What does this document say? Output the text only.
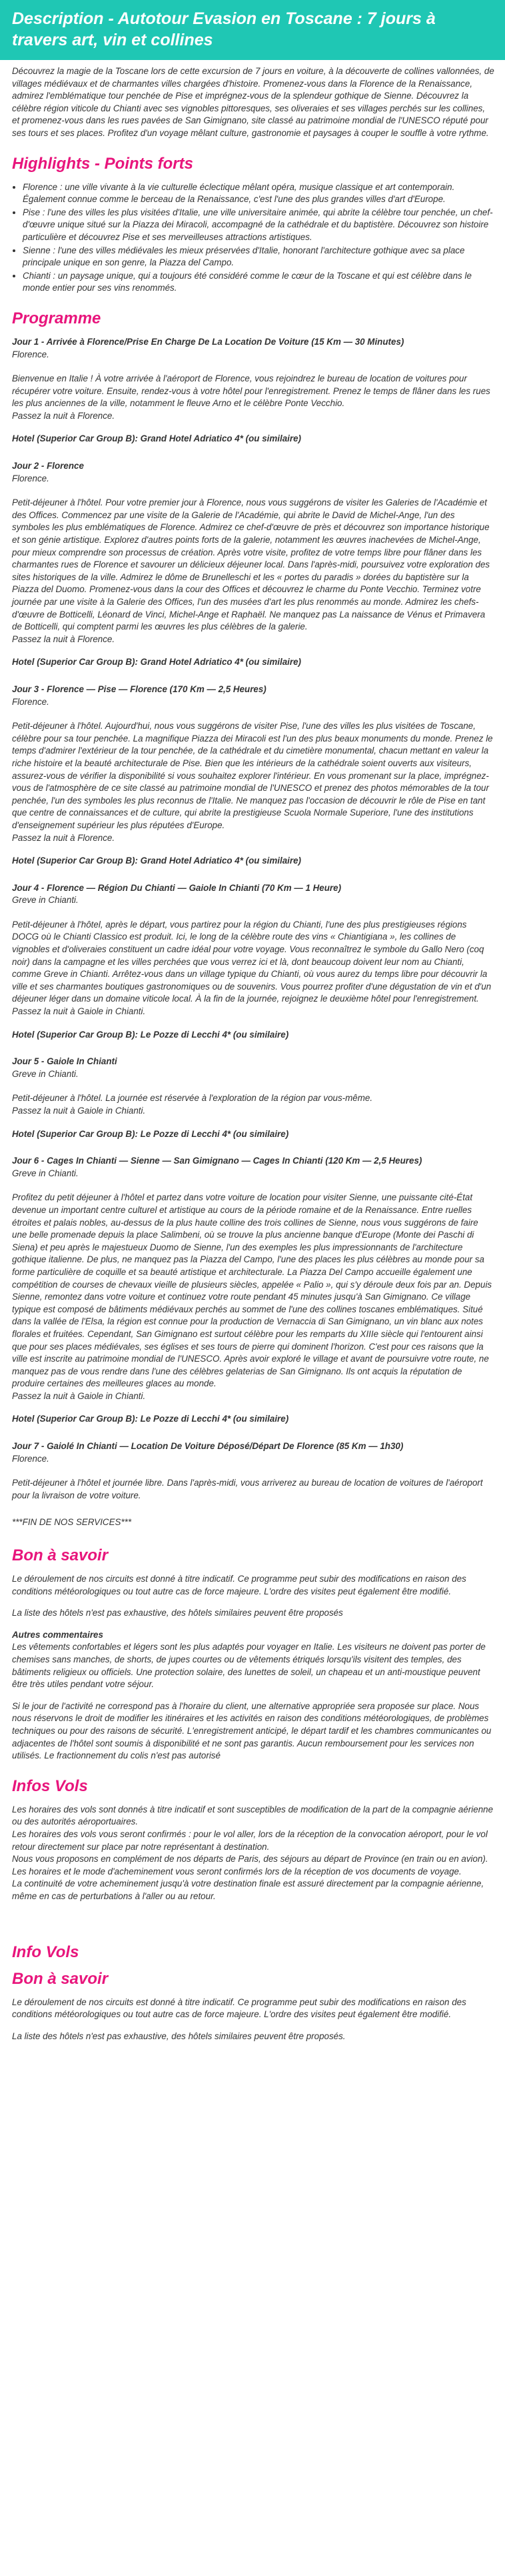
Description - Autotour Evasion en Toscane : 7 jours à travers art, vin et collines

Découvrez la magie de la Toscane lors de cette excursion de 7 jours en voiture, à la découverte de collines vallonnées, de villages médiévaux et de charmantes villes chargées d'histoire. Promenez-vous dans la Florence de la Renaissance, admirez l'emblématique tour penchée de Pise et imprégnez-vous de la splendeur gothique de Sienne. Découvrez la célèbre région viticole du Chianti avec ses vignobles pittoresques, ses oliveraies et ses villages perchés sur les collines, et promenez-vous dans les rues pavées de San Gimignano, site classé au patrimoine mondial de l'UNESCO réputé pour ses tours et ses places. Profitez d'un voyage mêlant culture, gastronomie et paysages à couper le souffle à votre rythme.

Highlights - Points forts
• Florence : une ville vivante à la vie culturelle éclectique mêlant opéra, musique classique et art contemporain. Également connue comme le berceau de la Renaissance, c'est l'une des plus grandes villes d'art d'Europe.
• Pise : l'une des villes les plus visitées d'Italie, une ville universitaire animée, qui abrite la célèbre tour penchée, un chef-d'œuvre unique situé sur la Piazza dei Miracoli, accompagné de la cathédrale et du baptistère. Découvrez son histoire particulière et découvrez Pise et ses merveilleuses attractions artistiques.
• Sienne : l'une des villes médiévales les mieux préservées d'Italie, honorant l'architecture gothique avec sa place principale unique en son genre, la Piazza del Campo.
• Chianti : un paysage unique, qui a toujours été considéré comme le cœur de la Toscane et qui est célèbre dans le monde entier pour ses vins renommés.
Programme
Jour 1 - Arrivée à Florence/Prise En Charge De La Location De Voiture (15 Km — 30 Minutes)
Florence.

Bienvenue en Italie ! À votre arrivée à l'aéroport de Florence, vous rejoindrez le bureau de location de voitures pour récupérer votre voiture. Ensuite, rendez-vous à votre hôtel pour l'enregistrement. Prenez le temps de flâner dans les rues les plus anciennes de la ville, notamment le fleuve Arno et le célèbre Ponte Vecchio.
Passez la nuit à Florence.

Hotel (Superior Car Group B): Grand Hotel Adriatico 4* (ou similaire)
Jour 2 - Florence
Florence.

Petit-déjeuner à l'hôtel. Pour votre premier jour à Florence, nous vous suggérons de visiter les Galeries de l'Académie et des Offices. Commencez par une visite de la Galerie de l'Académie, qui abrite le David de Michel-Ange, l'un des symboles les plus emblématiques de Florence. Admirez ce chef-d'œuvre de près et découvrez son importance historique et son génie artistique. Explorez d'autres points forts de la galerie, notamment les œuvres inachevées de Michel-Ange, pour mieux comprendre son processus de création. Après votre visite, profitez de votre temps libre pour flâner dans les charmantes rues de Florence et savourer un délicieux déjeuner local. Dans l'après-midi, poursuivez votre exploration des sites historiques de la ville. Admirez le dôme de Brunelleschi et les « portes du paradis » dorées du baptistère sur la Piazza del Duomo. Promenez-vous dans la cour des Offices et découvrez le charme du Ponte Vecchio. Terminez votre journée par une visite à la Galerie des Offices, l'un des musées d'art les plus renommés au monde. Admirez les chefs-d'œuvre de Botticelli, Léonard de Vinci, Michel-Ange et Raphaël. Ne manquez pas La naissance de Vénus et Primavera de Botticelli, qui comptent parmi les œuvres les plus célèbres de la galerie.
Passez la nuit à Florence.

Hotel (Superior Car Group B): Grand Hotel Adriatico 4* (ou similaire)
Jour 3 - Florence — Pise — Florence (170 Km — 2,5 Heures)
Florence.

Petit-déjeuner à l'hôtel. Aujourd'hui, nous vous suggérons de visiter Pise, l'une des villes les plus visitées de Toscane, célèbre pour sa tour penchée. La magnifique Piazza dei Miracoli est l'un des plus beaux monuments du monde. Prenez le temps d'admirer l'extérieur de la tour penchée, de la cathédrale et du cimetière monumental, chacun mettant en valeur la riche histoire et la beauté architecturale de Pise. Bien que les intérieurs de la cathédrale soient ouverts aux visiteurs, assurez-vous de vérifier la disponibilité si vous souhaitez explorer l'intérieur. En vous promenant sur la place, imprégnez-vous de l'atmosphère de ce site classé au patrimoine mondial de l'UNESCO et prenez des photos mémorables de la tour penchée, l'un des symboles les plus reconnus de l'Italie. Ne manquez pas l'occasion de découvrir le rôle de Pise en tant que centre de connaissances et de culture, qui abrite la prestigieuse Scuola Normale Superiore, l'une des institutions d'enseignement supérieur les plus réputées d'Europe.
Passez la nuit à Florence.

Hotel (Superior Car Group B): Grand Hotel Adriatico 4* (ou similaire)
Jour 4 - Florence — Région Du Chianti — Gaiole In Chianti (70 Km — 1 Heure)
Greve in Chianti.

Petit-déjeuner à l'hôtel, après le départ, vous partirez pour la région du Chianti, l'une des plus prestigieuses régions DOCG où le Chianti Classico est produit. Ici, le long de la célèbre route des vins « Chiantigiana », les collines de vignobles et d'oliveraies constituent un cadre idéal pour votre voyage. Vous reconnaîtrez le symbole du Gallo Nero (coq noir) dans la campagne et les villes perchées que vous verrez ici et là, dont beaucoup doivent leur nom au Chianti, comme Greve in Chianti. Arrêtez-vous dans un village typique du Chianti, où vous aurez du temps libre pour découvrir la ville et ses charmantes boutiques gastronomiques ou de souvenirs. Vous pourrez profiter d'une dégustation de vin et d'un déjeuner léger dans un domaine viticole local. À la fin de la journée, rejoignez le deuxième hôtel pour l'enregistrement.
Passez la nuit à Gaiole in Chianti.

Hotel (Superior Car Group B): Le Pozze di Lecchi 4* (ou similaire)
Jour 5 - Gaiole In Chianti
Greve in Chianti.

Petit-déjeuner à l'hôtel. La journée est réservée à l'exploration de la région par vous-même.
Passez la nuit à Gaiole in Chianti.

Hotel (Superior Car Group B): Le Pozze di Lecchi 4* (ou similaire)
Jour 6 - Cages In Chianti — Sienne — San Gimignano — Cages In Chianti (120 Km — 2,5 Heures)
Greve in Chianti.

Profitez du petit déjeuner à l'hôtel et partez dans votre voiture de location pour visiter Sienne, une puissante cité-État devenue un important centre culturel et artistique au cours de la période romaine et de la Renaissance. Entre ruelles étroites et palais nobles, au-dessus de la plus haute colline des trois collines de Sienne, nous vous suggérons de faire une belle promenade depuis la place Salimbeni, où se trouve la plus ancienne banque d'Europe (Monte dei Paschi di Siena) et peu après le majestueux Duomo de Sienne, l'un des exemples les plus impressionnants de l'architecture gothique italienne. De plus, ne manquez pas la Piazza del Campo, l'une des places les plus célèbres au monde pour sa forme particulière de coquille et sa beauté artistique et architecturale. La Piazza Del Campo accueille également une compétition de courses de chevaux vieille de plusieurs siècles, appelée « Palio », qui s'y déroule deux fois par an. Depuis Sienne, remontez dans votre voiture et continuez votre route pendant 45 minutes jusqu'à San Gimignano. Ce village typique est composé de bâtiments médiévaux perchés au sommet de l'une des collines toscanes emblématiques. Situé dans la vallée de l'Elsa, la région est connue pour la production de Vernaccia di San Gimignano, un vin blanc aux notes florales et fruitées. Cependant, San Gimignano est surtout célèbre pour les remparts du XIIIe siècle qui l'entourent ainsi que pour ses places médiévales, ses églises et ses tours de pierre qui dominent l'horizon. C'est pour ces raisons que la ville est inscrite au patrimoine mondial de l'UNESCO. Après avoir exploré le village et avant de poursuivre votre route, ne manquez pas de vous rendre dans l'une des célèbres gelaterias de San Gimignano. Ils ont acquis la réputation de produire certaines des meilleures glaces au monde.
Passez la nuit à Gaiole in Chianti.

Hotel (Superior Car Group B): Le Pozze di Lecchi 4* (ou similaire)
Jour 7 - Gaiolé In Chianti — Location De Voiture Déposé/Départ De Florence (85 Km — 1h30)
Florence.

Petit-déjeuner à l'hôtel et journée libre. Dans l'après-midi, vous arriverez au bureau de location de voitures de l'aéroport pour la livraison de votre voiture.

***FIN DE NOS SERVICES***
Bon à savoir

Le déroulement de nos circuits est donné à titre indicatif. Ce programme peut subir des modifications en raison des conditions météorologiques ou tout autre cas de force majeure. L'ordre des visites peut également être modifié.

La liste des hôtels n'est pas exhaustive, des hôtels similaires peuvent être proposés

Autres commentaires

Les vêtements confortables et légers sont les plus adaptés pour voyager en Italie. Les visiteurs ne doivent pas porter de chemises sans manches, de shorts, de jupes courtes ou de vêtements étriqués lorsqu'ils visitent des temples, des bâtiments religieux ou officiels. Une protection solaire, des lunettes de soleil, un chapeau et un anti-moustique peuvent être très utiles pendant votre séjour.

Si le jour de l'activité ne correspond pas à l'horaire du client, une alternative appropriée sera proposée sur place. Nous nous réservons le droit de modifier les itinéraires et les activités en raison des conditions météorologiques, de problèmes techniques ou pour des raisons de sécurité. L'enregistrement anticipé, le départ tardif et les chambres communicantes ou adjacentes de l'hôtel sont soumis à disponibilité et ne sont pas garantis. Aucun remboursement pour les services non utilisés. Le fractionnement du colis n'est pas autorisé

Infos Vols
Les horaires des vols sont donnés à titre indicatif et sont susceptibles de modification de la part de la compagnie aérienne ou des autorités aéroportuaires.
Les horaires des vols vous seront confirmés : pour le vol aller, lors de la réception de la convocation aéroport, pour le vol retour directement sur place par notre représentant à destination.
Nous vous proposons en complément de nos départs de Paris, des séjours au départ de Province (en train ou en avion). Les horaires et le mode d'acheminement vous seront confirmés lors de la réception de vos documents de voyage.
La continuité de votre acheminement jusqu'à votre destination finale est assuré directement par la compagnie aérienne, même en cas de perturbations à l'aller ou au retour.
Info Vols
Bon à savoir

Le déroulement de nos circuits est donné à titre indicatif. Ce programme peut subir des modifications en raison des conditions météorologiques ou tout autre cas de force majeure. L'ordre des visites peut également être modifié.

La liste des hôtels n'est pas exhaustive, des hôtels similaires peuvent être proposés.
